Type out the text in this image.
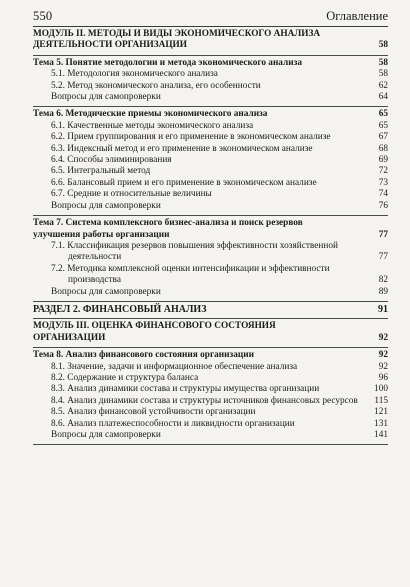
550	Оглавление
МОДУЛЬ II. МЕТОДЫ И ВИДЫ ЭКОНОМИЧЕСКОГО АНАЛИЗА ДЕЯТЕЛЬНОСТИ ОРГАНИЗАЦИИ	58
Тема 5. Понятие методологии и метода экономического анализа	58
5.1. Методология экономического анализа	58
5.2. Метод экономического анализа, его особенности	62
Вопросы для самопроверки	64
Тема 6. Методические приемы экономического анализа	65
6.1. Качественные методы экономического анализа	65
6.2. Прием группирования и его применение в экономическом анализе	67
6.3. Индексный метод и его применение в экономическом анализе	68
6.4. Способы элиминирования	69
6.5. Интегральный метод	72
6.6. Балансовый прием и его применение в экономическом анализе	73
6.7. Средние и относительные величины	74
Вопросы для самопроверки	76
Тема 7. Система комплексного бизнес-анализа и поиск резервов улучшения работы организации	77
7.1. Классификация резервов повышения эффективности хозяйственной деятельности	77
7.2. Методика комплексной оценки интенсификации и эффективности производства	82
Вопросы для самопроверки	89
РАЗДЕЛ 2. ФИНАНСОВЫЙ АНАЛИЗ	91
МОДУЛЬ III. ОЦЕНКА ФИНАНСОВОГО СОСТОЯНИЯ ОРГАНИЗАЦИИ	92
Тема 8. Анализ финансового состояния организации	92
8.1. Значение, задачи и информационное обеспечение анализа	92
8.2. Содержание и структура баланса	96
8.3. Анализ динамики состава и структуры имущества организации	100
8.4. Анализ динамики состава и структуры источников финансовых ресурсов	115
8.5. Анализ финансовой устойчивости организации	121
8.6. Анализ платежеспособности и ликвидности организации	131
Вопросы для самопроверки	141
